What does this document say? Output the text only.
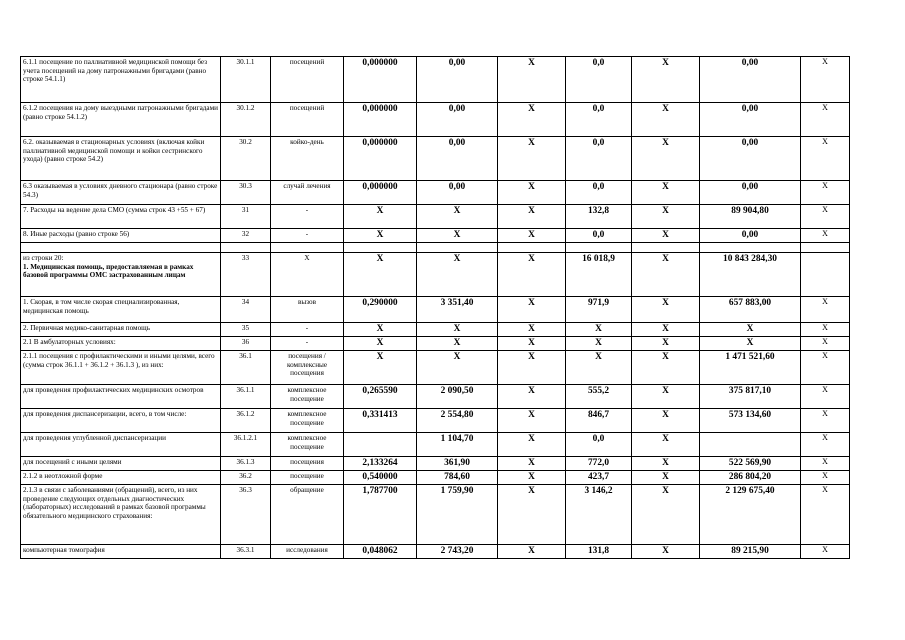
6.1.1 посещение по паллиативной медицинской помощи без учета посещений на дому патронажными бригадами (равно строке 54.1.1)	30.1.1	посещений	0,000000	0,00	X	0,0	X	0,00	X
6.1.2 посещения на дому выездными патронажными бригадами (равно строке 54.1.2)	30.1.2	посещений	0,000000	0,00	X	0,0	X	0,00	X
6.2. оказываемая в стационарных условиях (включая койки паллиативной медицинской помощи и койки сестринского ухода) (равно строке 54.2)	30.2	койко-день	0,000000	0,00	X	0,0	X	0,00	X
6.3 оказываемая в условиях дневного стационара (равно строке 54.3)	30.3	случай лечения	0,000000	0,00	X	0,0	X	0,00	X
7. Расходы на ведение дела СМО (сумма строк 43 +55 + 67)	31	-	X	X	X	132,8	X	89 904,80	X
8. Иные расходы (равно строке 56)	32	-	X	X	X	0,0	X	0,00	X

из строки 20:
1. Медицинская помощь, предоставляемая в рамках базовой программы ОМС застрахованным лицам	33	X	X	X	X	16 018,9	X	10 843 284,30	
1. Скорая, в том числе скорая специализированная, медицинская помощь	34	вызов	0,290000	3 351,40	X	971,9	X	657 883,00	X
2. Первичная медико-санитарная помощь	35	-	X	X	X	X	X	X	X
2.1 В амбулаторных условиях:	36	-	X	X	X	X	X	X	X
2.1.1 посещения с профилактическими и иными целями, всего (сумма строк 36.1.1 + 36.1.2 + 36.1.3 ), из них:	36.1	посещения / комплексные посещения	X	X	X	X	X	1 471 521,60	X
для проведения профилактических медицинских осмотров	36.1.1	комплексное посещение	0,265590	2 090,50	X	555,2	X	375 817,10	X
для проведения диспансеризации, всего, в том числе:	36.1.2	комплексное посещение	0,331413	2 554,80	X	846,7	X	573 134,60	X
для проведения углубленной диспансеризации	36.1.2.1	комплексное посещение		1 104,70	X	0,0	X		X
для посещений с иными целями	36.1.3	посещения	2,133264	361,90	X	772,0	X	522 569,90	X
2.1.2 в неотложной форме	36.2	посещение	0,540000	784,60	X	423,7	X	286 804,20	X
2.1.3 в связи с заболеваниями (обращений), всего, из них проведение следующих отдельных диагностических (лабораторных) исследований в рамках базовой программы обязательного медицинского страхования:	36.3	обращение	1,787700	1 759,90	X	3 146,2	X	2 129 675,40	X
компьютерная томография	36.3.1	исследования	0,048062	2 743,20	X	131,8	X	89 215,90	X
